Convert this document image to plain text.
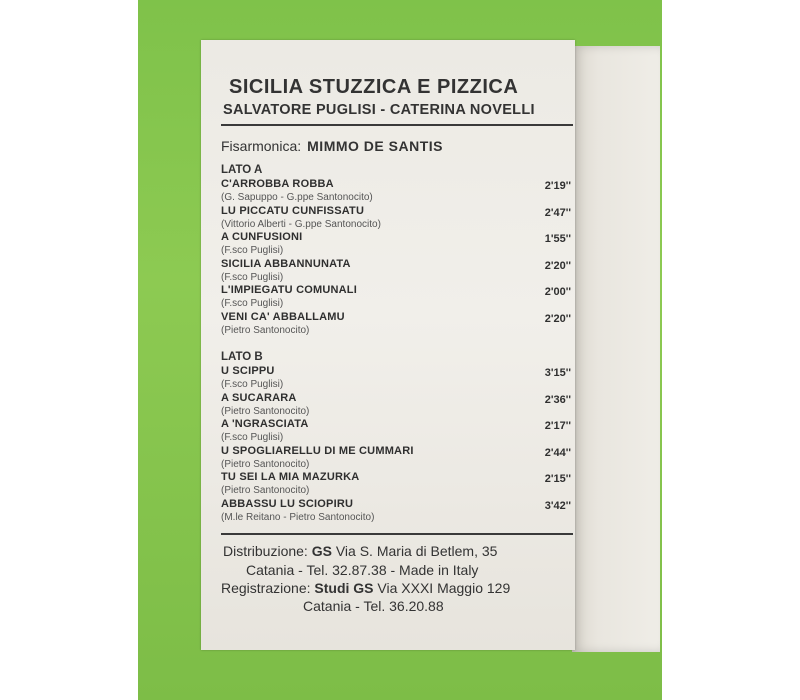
SICILIA STUZZICA E PIZZICA
SALVATORE PUGLISI - CATERINA NOVELLI
Fisarmonica: MIMMO DE SANTIS
LATO A
C'ARROBBA ROBBA	2'19''
(G. Sapuppo - G.ppe Santonocito)
LU PICCATU CUNFISSATU	2'47''
(Vittorio Alberti - G.ppe Santonocito)
A CUNFUSIONI	1'55''
(F.sco Puglisi)
SICILIA ABBANNUNATA	2'20''
(F.sco Puglisi)
L'IMPIEGATU COMUNALI	2'00''
(F.sco Puglisi)
VENI CA' ABBALLAMU	2'20''
(Pietro Santonocito)
LATO B
U SCIPPU	3'15''
(F.sco Puglisi)
A SUCARARA	2'36''
(Pietro Santonocito)
A 'NGRASCIATA	2'17''
(F.sco Puglisi)
U SPOGLIARELLU DI ME CUMMARI	2'44''
(Pietro Santonocito)
TU SEI LA MIA MAZURKA	2'15''
(Pietro Santonocito)
ABBASSU LU SCIOPIRU	3'42''
(M.le Reitano - Pietro Santonocito)
Distribuzione: GS Via S. Maria di Betlem, 35
Catania - Tel. 32.87.38 - Made in Italy
Registrazione: Studi GS Via XXXI Maggio 129
Catania - Tel. 36.20.88
